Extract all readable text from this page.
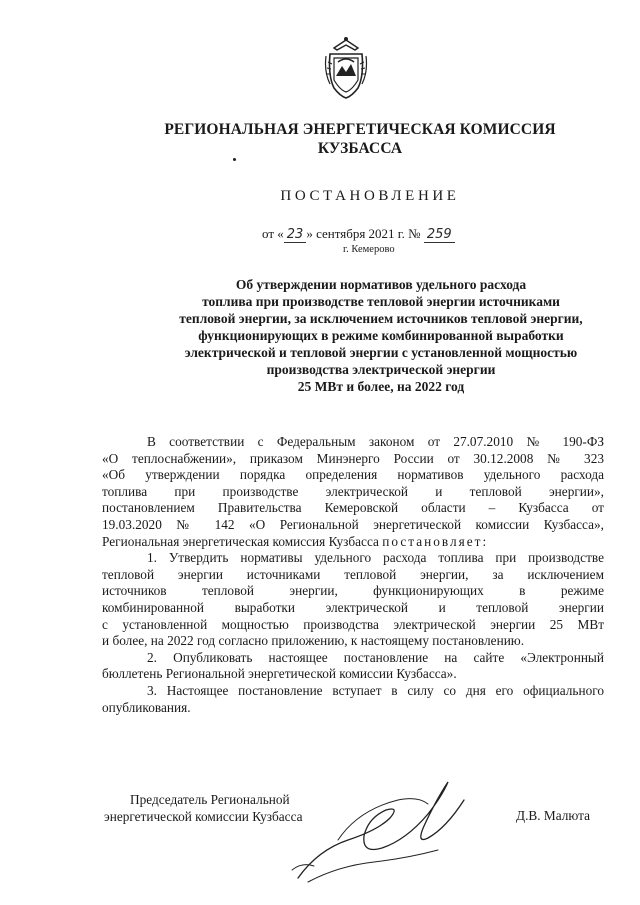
РЕГИОНАЛЬНАЯ ЭНЕРГЕТИЧЕСКАЯ КОМИССИЯ
КУЗБАССА
ПОСТАНОВЛЕНИЕ
от « 23 » сентября 2021 г. № 259
г. Кемерово
Об утверждении нормативов удельного расхода
топлива при производстве тепловой энергии источниками
тепловой энергии, за исключением источников тепловой энергии,
функционирующих в режиме комбинированной выработки
электрической и тепловой энергии с установленной мощностью
производства электрической энергии
25 МВт и более, на 2022 год
В соответствии с Федеральным законом от 27.07.2010 № 190-ФЗ
«О теплоснабжении», приказом Минэнерго России от 30.12.2008 № 323
«Об утверждении порядка определения нормативов удельного расхода
топлива при производстве электрической и тепловой энергии»,
постановлением Правительства Кемеровской области – Кузбасса от
19.03.2020 № 142 «О Региональной энергетической комиссии Кузбасса»,
Региональная энергетическая комиссия Кузбасса постановляет:
1. Утвердить нормативы удельного расхода топлива при производстве
тепловой энергии источниками тепловой энергии, за исключением
источников тепловой энергии, функционирующих в режиме
комбинированной выработки электрической и тепловой энергии
с установленной мощностью производства электрической энергии 25 МВт
и более, на 2022 год согласно приложению, к настоящему постановлению.
2. Опубликовать настоящее постановление на сайте «Электронный
бюллетень Региональной энергетической комиссии Кузбасса».
3. Настоящее постановление вступает в силу со дня его официального
опубликования.
Председатель Региональной
энергетической комиссии Кузбасса	Д.В. Малюта
